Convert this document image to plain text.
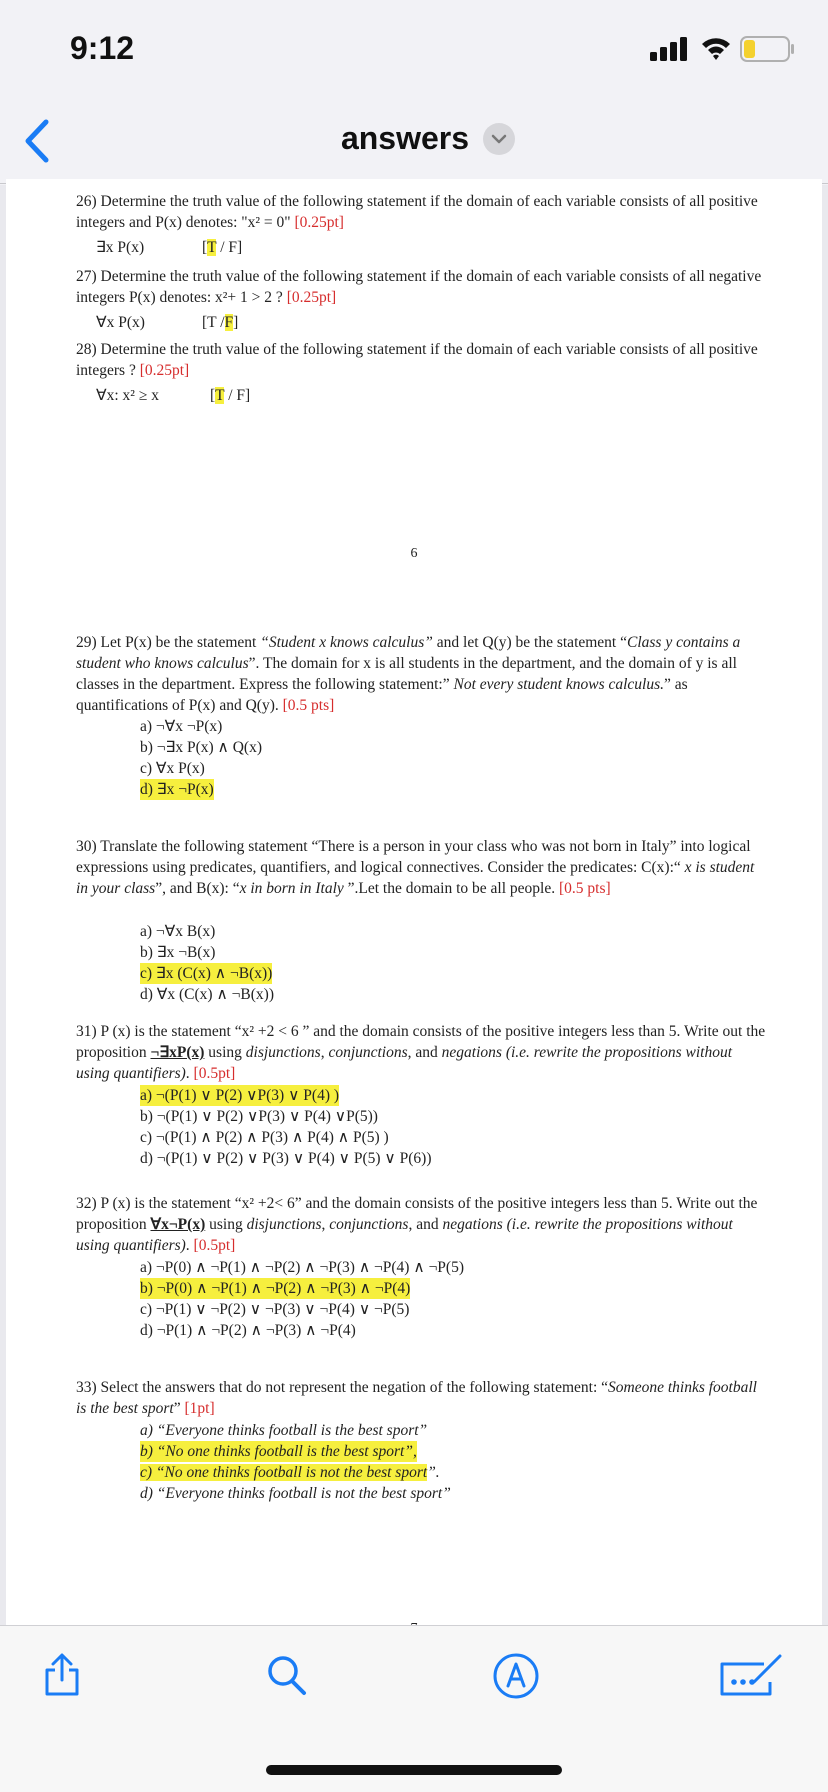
9:12
answers
26) Determine the truth value of the following statement if the domain of each variable consists of all positive integers and P(x) denotes: "x² = 0" [0.25pt]
∃x P(x)	[T / F]
27) Determine the truth value of the following statement if the domain of each variable consists of all negative integers P(x) denotes: x²+ 1 > 2 ? [0.25pt]
∀x P(x)	[T /F]
28) Determine the truth value of the following statement if the domain of each variable consists of all positive integers ? [0.25pt]
∀x: x² ≥ x	[T / F]
6
29) Let P(x) be the statement “Student x knows calculus” and let Q(y) be the statement “Class y contains a student who knows calculus”. The domain for x is all students in the department, and the domain of y is all classes in the department. Express the following statement:” Not every student knows calculus.” as quantifications of P(x) and Q(y). [0.5 pts]
a) ¬∀x ¬P(x)
b) ¬∃x P(x) ∧ Q(x)
c) ∀x P(x)
d) ∃x ¬P(x)
30) Translate the following statement “There is a person in your class who was not born in Italy” into logical expressions using predicates, quantifiers, and logical connectives. Consider the predicates: C(x):“ x is student in your class”, and B(x): “x in born in Italy ”.Let the domain to be all people. [0.5 pts]
a) ¬∀x B(x)
b) ∃x ¬B(x)
c) ∃x (C(x) ∧ ¬B(x))
d) ∀x (C(x) ∧ ¬B(x))
31) P (x) is the statement “x² +2 < 6 ” and the domain consists of the positive integers less than 5. Write out the proposition ¬∃xP(x) using disjunctions, conjunctions, and negations (i.e. rewrite the propositions without using quantifiers). [0.5pt]
a) ¬(P(1) ∨ P(2) ∨P(3) ∨ P(4) )
b) ¬(P(1) ∨ P(2) ∨P(3) ∨ P(4) ∨P(5))
c) ¬(P(1) ∧ P(2) ∧ P(3) ∧ P(4) ∧ P(5) )
d) ¬(P(1) ∨ P(2) ∨ P(3) ∨ P(4) ∨ P(5) ∨ P(6))
32) P (x) is the statement “x² +2< 6” and the domain consists of the positive integers less than 5. Write out the proposition ∀x¬P(x) using disjunctions, conjunctions, and negations (i.e. rewrite the propositions without using quantifiers). [0.5pt]
a) ¬P(0) ∧ ¬P(1) ∧ ¬P(2) ∧ ¬P(3) ∧ ¬P(4) ∧ ¬P(5)
b) ¬P(0) ∧ ¬P(1) ∧ ¬P(2) ∧ ¬P(3) ∧ ¬P(4)
c) ¬P(1) ∨ ¬P(2) ∨ ¬P(3) ∨ ¬P(4) ∨ ¬P(5)
d) ¬P(1) ∧ ¬P(2) ∧ ¬P(3) ∧ ¬P(4)
33) Select the answers that do not represent the negation of the following statement: “Someone thinks football is the best sport” [1pt]
a) “Everyone thinks football is the best sport”
b) “No one thinks football is the best sport”,
c) “No one thinks football is not the best sport”.
d) “Everyone thinks football is not the best sport”
